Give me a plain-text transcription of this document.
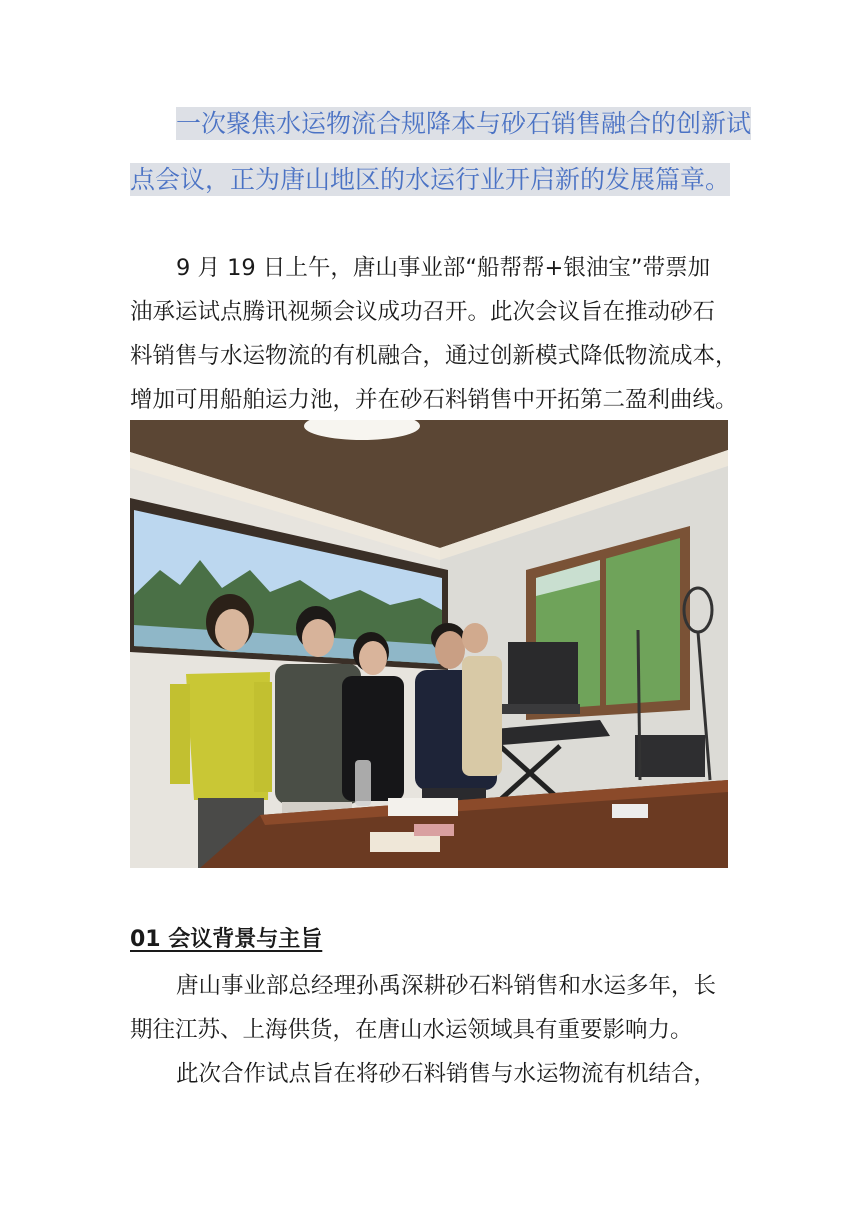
一次聚焦水运物流合规降本与砂石销售融合的创新试
点会议，正为唐山地区的水运行业开启新的发展篇章。
9 月 19 日上午，唐山事业部“船帮帮+银油宝”带票加
油承运试点腾讯视频会议成功召开。此次会议旨在推动砂石
料销售与水运物流的有机融合，通过创新模式降低物流成本，
增加可用船舶运力池，并在砂石料销售中开拓第二盈利曲线。
01 会议背景与主旨
唐山事业部总经理孙禹深耕砂石料销售和水运多年，长
期往江苏、上海供货，在唐山水运领域具有重要影响力。
此次合作试点旨在将砂石料销售与水运物流有机结合，
